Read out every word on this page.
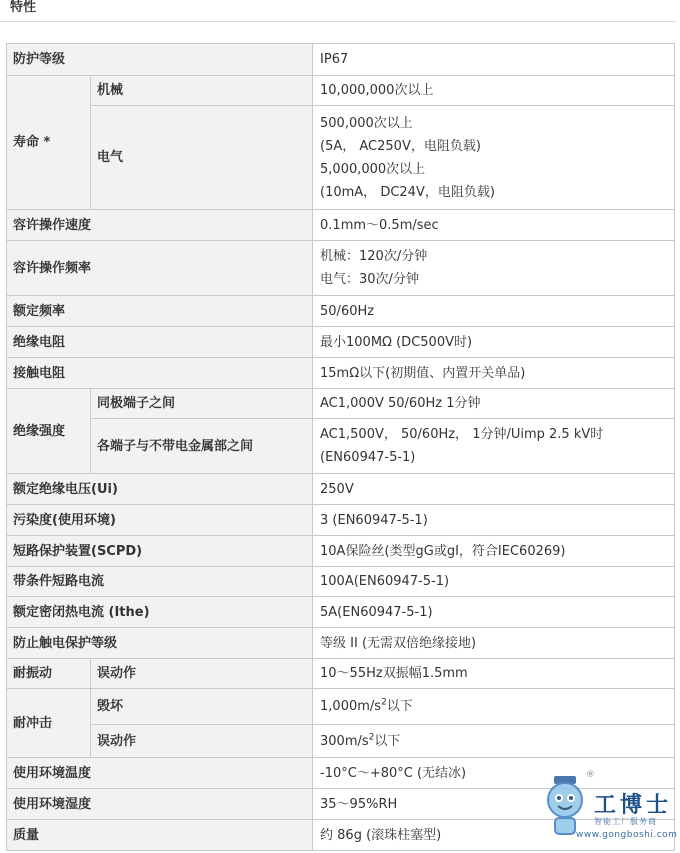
特性
防护等级		IP67
寿命 *	机械	10,000,000次以上
	电气	500,000次以上
(5A， AC250V，电阻负载)
5,000,000次以上
(10mA， DC24V，电阻负载)

容许操作速度		0.1mm～0.5m/sec
容许操作频率		机械：120次/分钟
电气：30次/分钟

额定频率		50/60Hz
绝缘电阻		最小100MΩ (DC500V时)
接触电阻		15mΩ以下(初期值、内置开关单品)
绝缘强度	同极端子之间	AC1,000V 50/60Hz 1分钟
	各端子与不带电金属部之间	AC1,500V， 50/60Hz， 1分钟/Uimp 2.5 kV时
(EN60947-5-1)

额定绝缘电压(Ui)		250V
污染度(使用环境)		3 (EN60947-5-1)
短路保护装置(SCPD)		10A保险丝(类型gG或gI，符合IEC60269)
带条件短路电流		100A(EN60947-5-1)
额定密闭热电流 (Ithe)		5A(EN60947-5-1)
防止触电保护等级		等级 II (无需双倍绝缘接地)
耐振动	误动作	10～55Hz双振幅1.5mm
耐冲击	毁坏	$1,000m/s^2$以下
	误动作	$300m/s^2$以下
使用环境温度		-10°C～+80°C (无结冰)
使用环境湿度		35～95%RH
质量		约 86g (滚珠柱塞型)
®
工博士
智能工厂服务商
www.gongboshi.com
